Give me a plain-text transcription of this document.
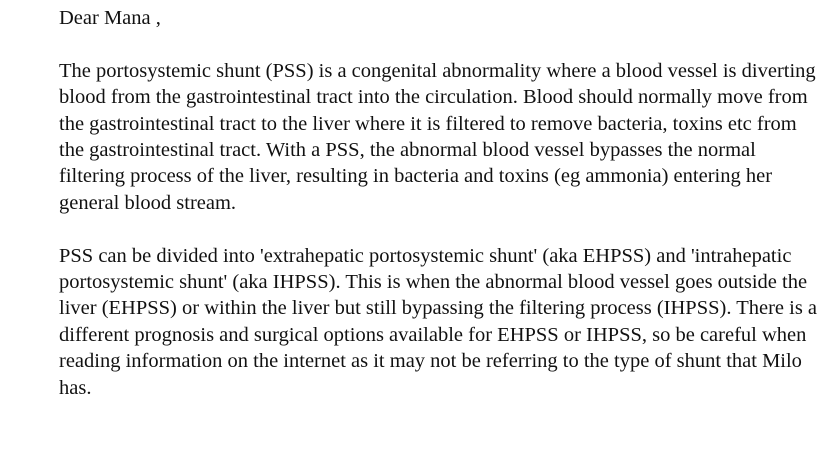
Dear Mana ,

The portosystemic shunt (PSS) is a congenital abnormality where a blood vessel is diverting blood from the gastrointestinal tract into the circulation. Blood should normally move from the gastrointestinal tract to the liver where it is filtered to remove bacteria, toxins etc from the gastrointestinal tract. With a PSS, the abnormal blood vessel bypasses the normal filtering process of the liver, resulting in bacteria and toxins (eg ammonia) entering her general blood stream.

PSS can be divided into 'extrahepatic portosystemic shunt' (aka EHPSS) and 'intrahepatic portosystemic shunt' (aka IHPSS). This is when the abnormal blood vessel goes outside the liver (EHPSS) or within the liver but still bypassing the filtering process (IHPSS). There is a different prognosis and surgical options available for EHPSS or IHPSS, so be careful when reading information on the internet as it may not be referring to the type of shunt that Milo has.
